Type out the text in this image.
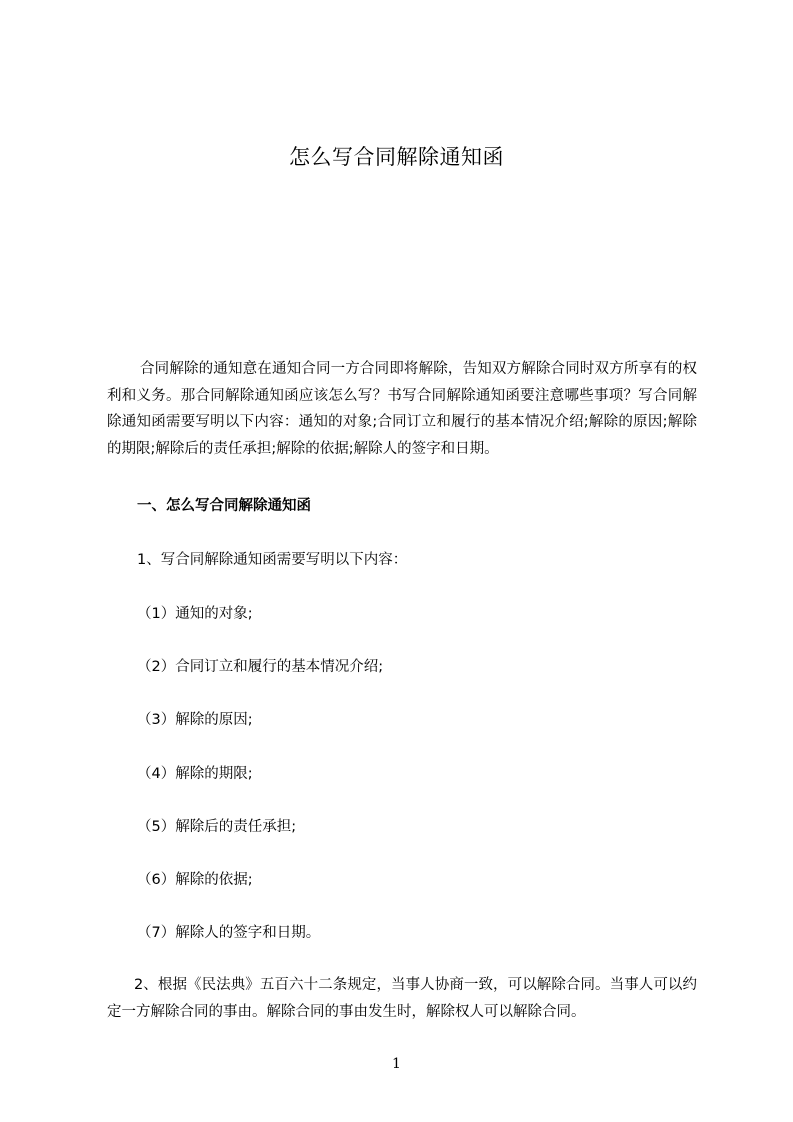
怎么写合同解除通知函
合同解除的通知意在通知合同一方合同即将解除，告知双方解除合同时双方所享有的权利和义务。那合同解除通知函应该怎么写？书写合同解除通知函要注意哪些事项？写合同解除通知函需要写明以下内容：通知的对象;合同订立和履行的基本情况介绍;解除的原因;解除的期限;解除后的责任承担;解除的依据;解除人的签字和日期。
一、怎么写合同解除通知函
1、写合同解除通知函需要写明以下内容：
（1）通知的对象;
（2）合同订立和履行的基本情况介绍;
（3）解除的原因;
（4）解除的期限;
（5）解除后的责任承担;
（6）解除的依据;
（7）解除人的签字和日期。
2、根据《民法典》五百六十二条规定，当事人协商一致，可以解除合同。当事人可以约定一方解除合同的事由。解除合同的事由发生时，解除权人可以解除合同。
1
